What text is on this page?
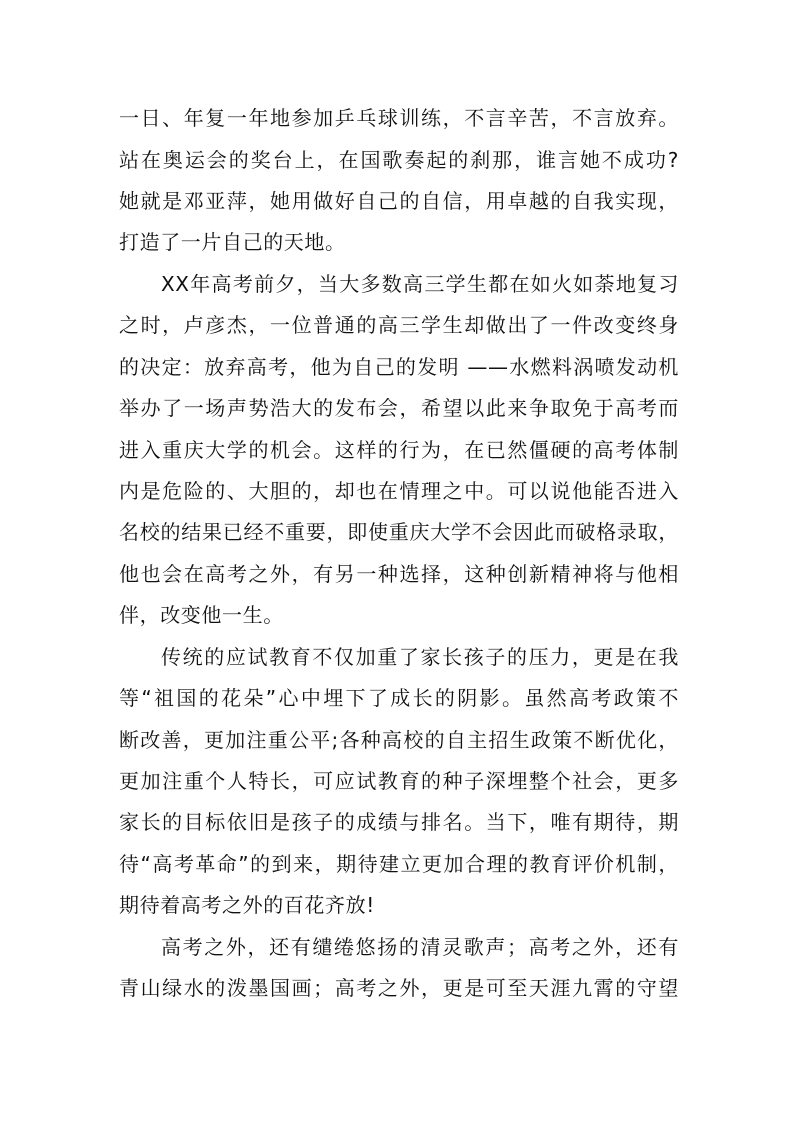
一日、年复一年地参加乒乓球训练，不言辛苦，不言放弃。
站在奥运会的奖台上，在国歌奏起的刹那，谁言她不成功?
她就是邓亚萍，她用做好自己的自信，用卓越的自我实现，
打造了一片自己的天地。
XX年高考前夕，当大多数高三学生都在如火如荼地复习
之时，卢彦杰，一位普通的高三学生却做出了一件改变终身
的决定：放弃高考，他为自己的发明 ——水燃料涡喷发动机
举办了一场声势浩大的发布会，希望以此来争取免于高考而
进入重庆大学的机会。这样的行为，在已然僵硬的高考体制
内是危险的、大胆的，却也在情理之中。可以说他能否进入
名校的结果已经不重要，即使重庆大学不会因此而破格录取，
他也会在高考之外，有另一种选择，这种创新精神将与他相
伴，改变他一生。
传统的应试教育不仅加重了家长孩子的压力，更是在我
等“祖国的花朵”心中埋下了成长的阴影。虽然高考政策不
断改善，更加注重公平;各种高校的自主招生政策不断优化，
更加注重个人特长，可应试教育的种子深埋整个社会，更多
家长的目标依旧是孩子的成绩与排名。当下，唯有期待，期
待“高考革命”的到来，期待建立更加合理的教育评价机制，
期待着高考之外的百花齐放!
高考之外，还有缱绻悠扬的清灵歌声；高考之外，还有
青山绿水的泼墨国画；高考之外，更是可至天涯九霄的守望
